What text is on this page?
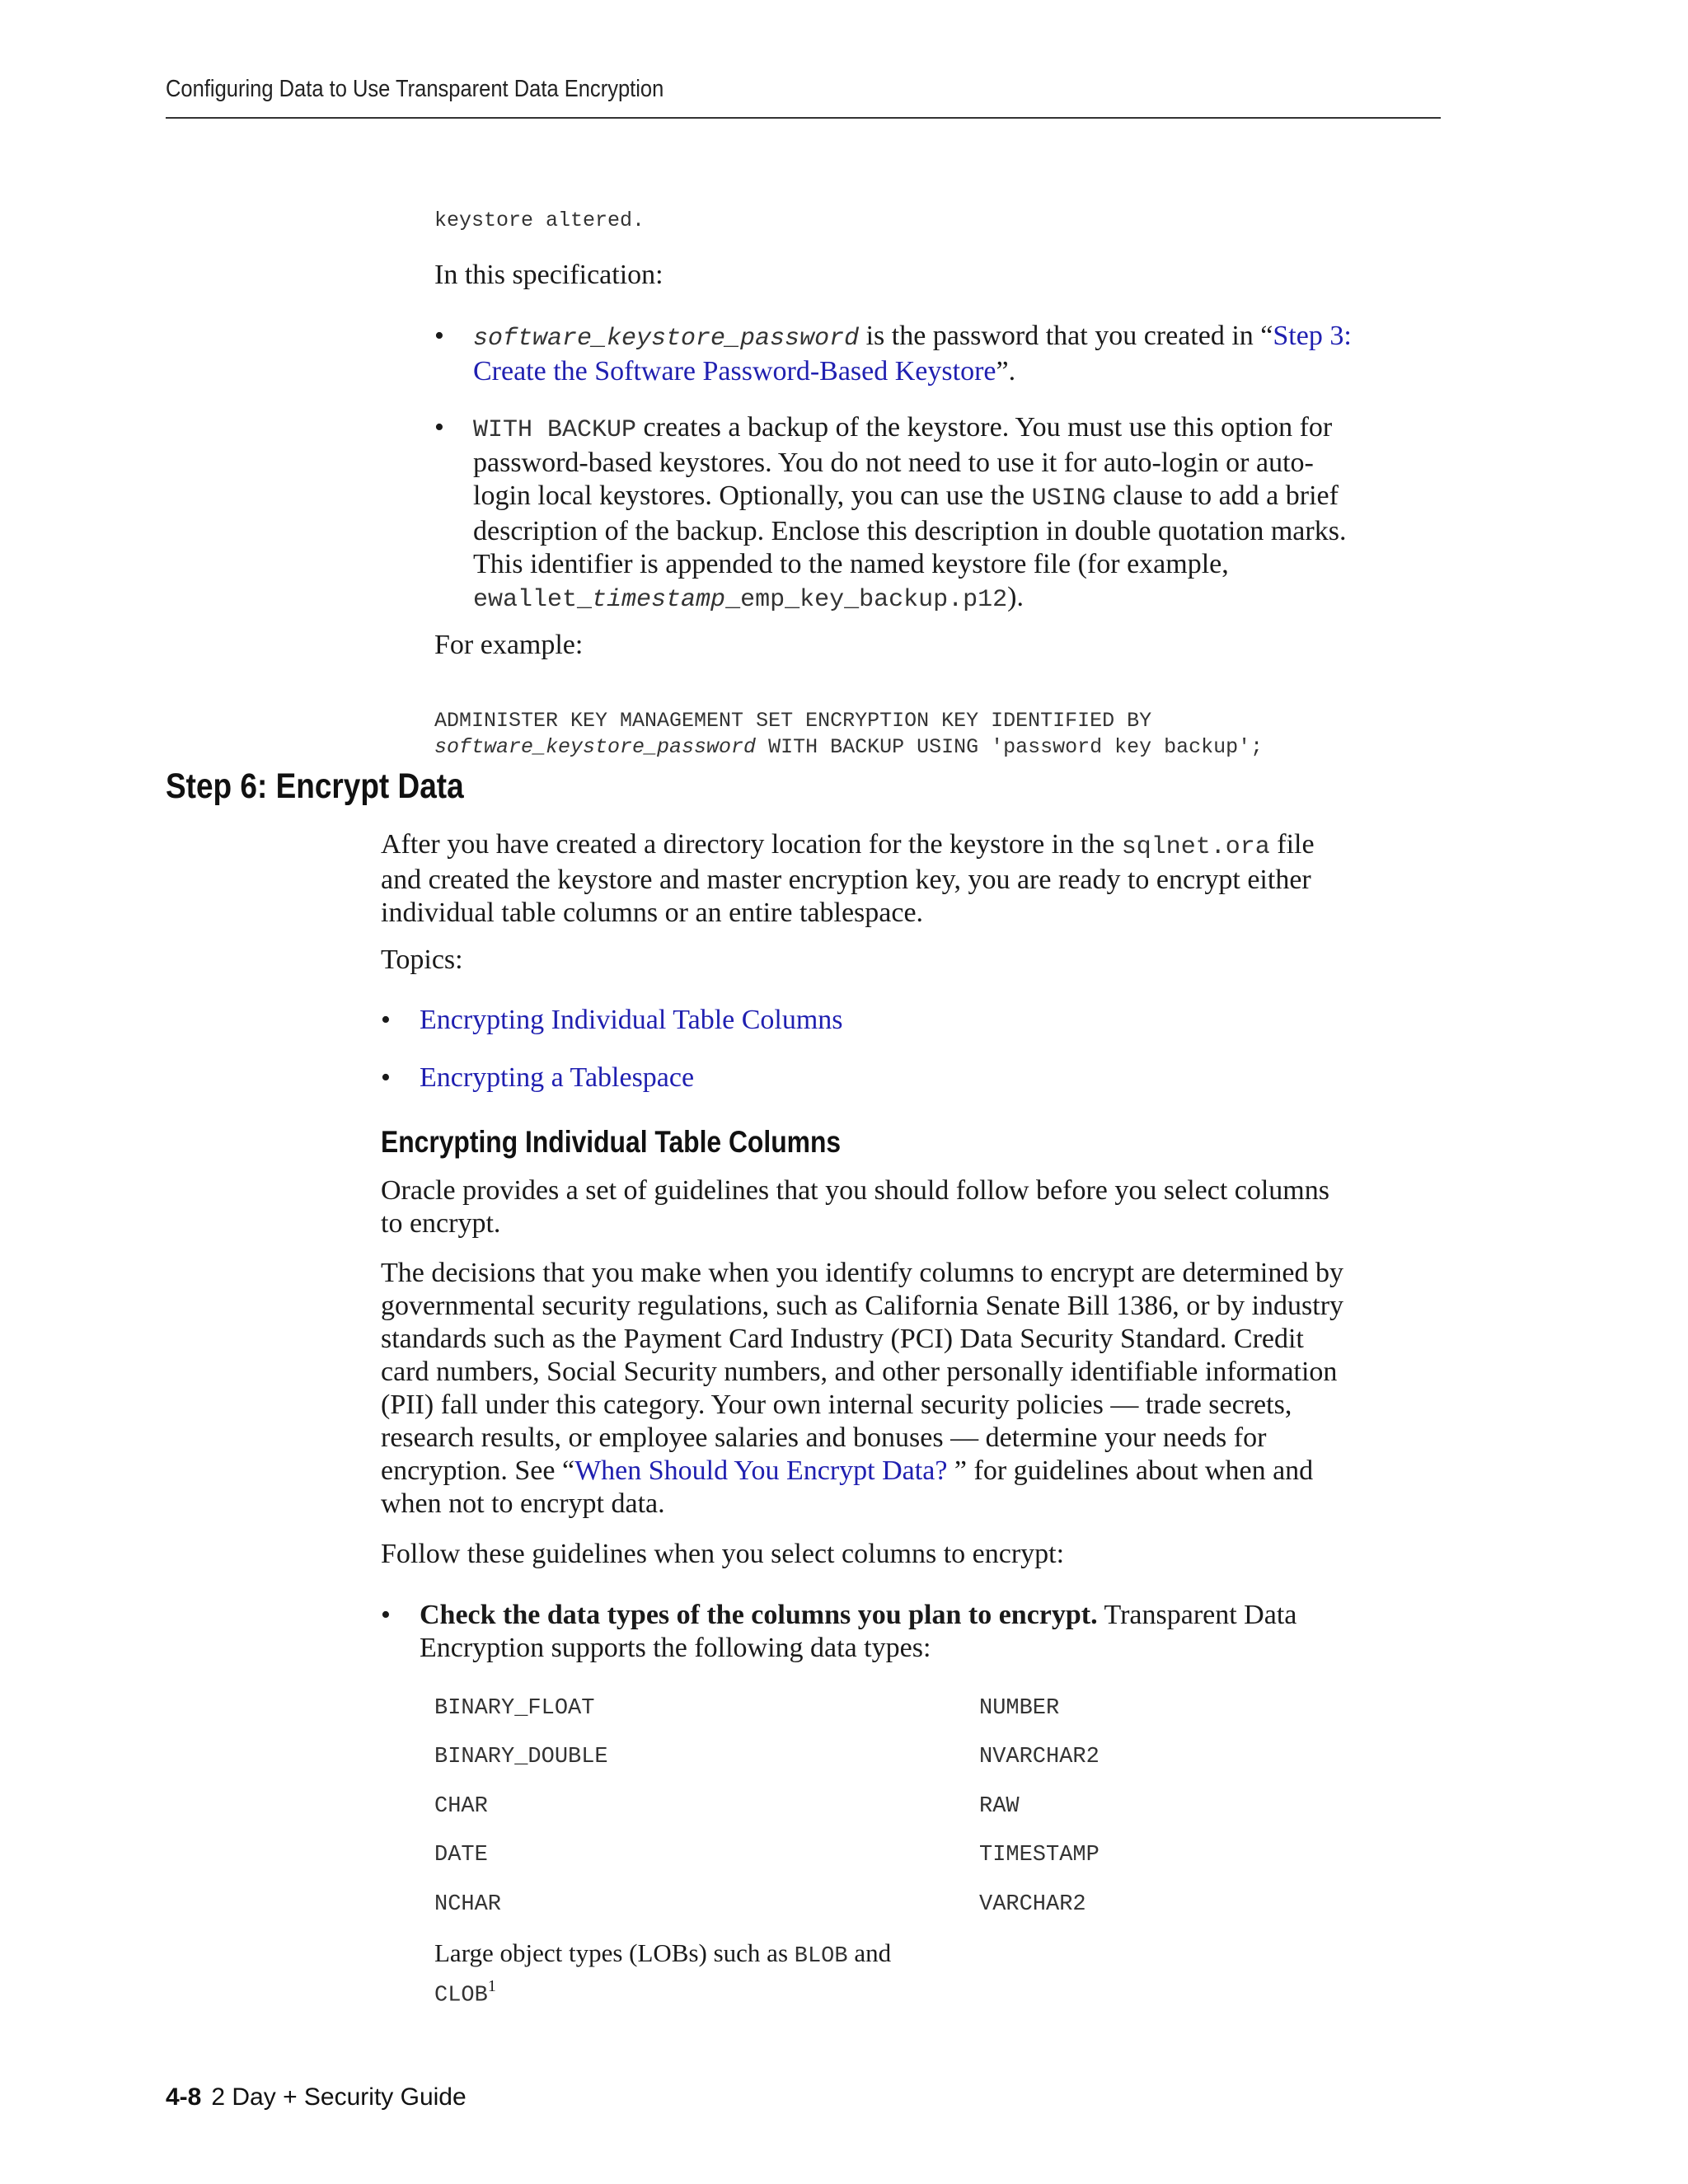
Configuring Data to Use Transparent Data Encryption
keystore altered.
In this specification:
• software_keystore_password is the password that you created in “Step 3:
Create the Software Password-Based Keystore”.
• WITH BACKUP creates a backup of the keystore. You must use this option for
password-based keystores. You do not need to use it for auto-login or auto-
login local keystores. Optionally, you can use the USING clause to add a brief
description of the backup. Enclose this description in double quotation marks.
This identifier is appended to the named keystore file (for example,
ewallet_timestamp_emp_key_backup.p12).
For example:

ADMINISTER KEY MANAGEMENT SET ENCRYPTION KEY IDENTIFIED BY
software_keystore_password WITH BACKUP USING 'password key backup';
Step 6: Encrypt Data
After you have created a directory location for the keystore in the sqlnet.ora file
and created the keystore and master encryption key, you are ready to encrypt either
individual table columns or an entire tablespace.
Topics:
• Encrypting Individual Table Columns
• Encrypting a Tablespace
Encrypting Individual Table Columns
Oracle provides a set of guidelines that you should follow before you select columns
to encrypt.
The decisions that you make when you identify columns to encrypt are determined by
governmental security regulations, such as California Senate Bill 1386, or by industry
standards such as the Payment Card Industry (PCI) Data Security Standard. Credit
card numbers, Social Security numbers, and other personally identifiable information
(PII) fall under this category. Your own internal security policies — trade secrets,
research results, or employee salaries and bonuses — determine your needs for
encryption. See “When Should You Encrypt Data? ” for guidelines about when and
when not to encrypt data.
Follow these guidelines when you select columns to encrypt:
• Check the data types of the columns you plan to encrypt. Transparent Data
Encryption supports the following data types:
BINARY_FLOAT
BINARY_DOUBLE
CHAR
DATE
NCHAR
NUMBER
NVARCHAR2
RAW
TIMESTAMP
VARCHAR2
Large object types (LOBs) such as BLOB and
CLOB$^1$
4-8 2 Day + Security Guide
